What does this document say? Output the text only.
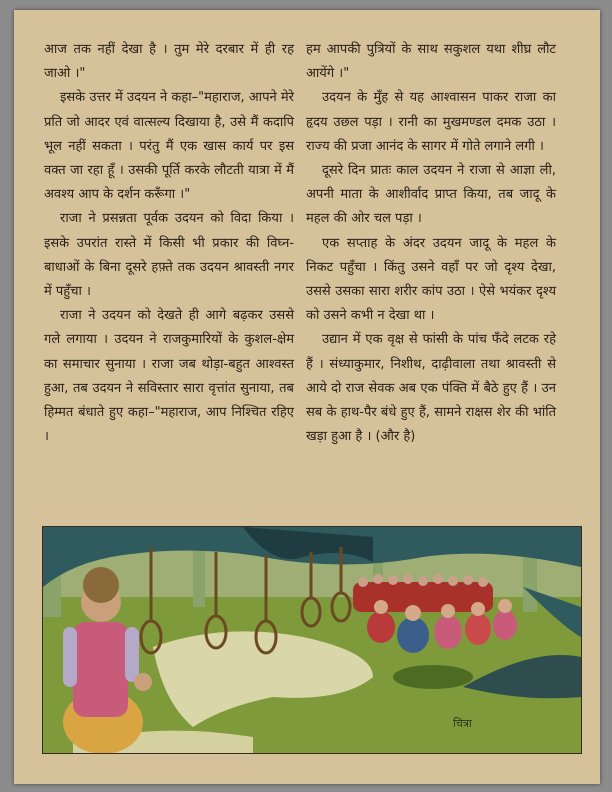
आज तक नहीं देखा है । तुम मेरे दरबार में ही रह जाओ ।"

इसके उत्तर में उदयन ने कहा–"महाराज, आपने मेरे प्रति जो आदर एवं वात्सल्य दिखाया है, उसे मैं कदापि भूल नहीं सकता । परंतु मैं एक खास कार्य पर इस वक्त जा रहा हूँ । उसकी पूर्ति करके लौटती यात्रा में मैं अवश्य आप के दर्शन करूँगा ।"

राजा ने प्रसन्नता पूर्वक उदयन को विदा किया । इसके उपरांत रास्ते में किसी भी प्रकार की विघ्न-बाधाओं के बिना दूसरे हफ़्ते तक उदयन श्रावस्ती नगर में पहुँचा ।

राजा ने उदयन को देखते ही आगे बढ़कर उससे गले लगाया । उदयन ने राजकुमारियों के कुशल-क्षेम का समाचार सुनाया । राजा जब थोड़ा-बहुत आश्वस्त हुआ, तब उदयन ने सविस्तार सारा वृत्तांत सुनाया, तब हिम्मत बंधाते हुए कहा–"महाराज, आप निश्चित रहिए ।

हम आपकी पुत्रियों के साथ सकुशल यथा शीघ्र लौट आयेंगे ।"

उदयन के मुँह से यह आश्वासन पाकर राजा का हृदय उछल पड़ा । रानी का मुखमण्डल दमक उठा । राज्य की प्रजा आनंद के सागर में गोते लगाने लगी ।

दूसरे दिन प्रातः काल उदयन ने राजा से आज्ञा ली, अपनी माता के आशीर्वाद प्राप्त किया, तब जादू के महल की ओर चल पड़ा ।

एक सप्ताह के अंदर उदयन जादू के महल के निकट पहुँचा । किंतु उसने वहाँ पर जो दृश्य देखा, उससे उसका सारा शरीर कांप उठा । ऐसे भयंकर दृश्य को उसने कभी न देखा था ।

उद्यान में एक वृक्ष से फांसी के पांच फँदे लटक रहे हैं । संध्याकुमार, निशीथ, दाढ़ीवाला तथा श्रावस्ती से आये दो राज सेवक अब एक पंक्ति में बैठे हुए हैं । उन सब के हाथ-पैर बंधे हुए हैं, सामने राक्षस शेर की भांति खड़ा हुआ है । (और है)

चित्रा
